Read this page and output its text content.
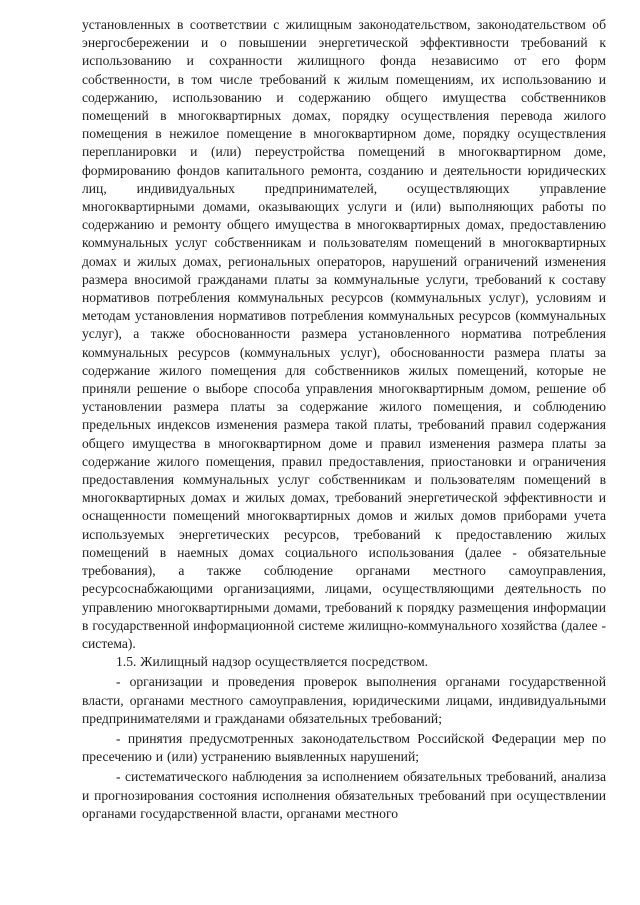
установленных в соответствии с жилищным законодательством, законодательством об энергосбережении и о повышении энергетической эффективности требований к использованию и сохранности жилищного фонда независимо от его форм собственности, в том числе требований к жилым помещениям, их использованию и содержанию, использованию и содержанию общего имущества собственников помещений в многоквартирных домах, порядку осуществления перевода жилого помещения в нежилое помещение в многоквартирном доме, порядку осуществления перепланировки и (или) переустройства помещений в многоквартирном доме, формированию фондов капитального ремонта, созданию и деятельности юридических лиц, индивидуальных предпринимателей, осуществляющих управление многоквартирными домами, оказывающих услуги и (или) выполняющих работы по содержанию и ремонту общего имущества в многоквартирных домах, предоставлению коммунальных услуг собственникам и пользователям помещений в многоквартирных домах и жилых домах, региональных операторов, нарушений ограничений изменения размера вносимой гражданами платы за коммунальные услуги, требований к составу нормативов потребления коммунальных ресурсов (коммунальных услуг), условиям и методам установления нормативов потребления коммунальных ресурсов (коммунальных услуг), а также обоснованности размера установленного норматива потребления коммунальных ресурсов (коммунальных услуг), обоснованности размера платы за содержание жилого помещения для собственников жилых помещений, которые не приняли решение о выборе способа управления многоквартирным домом, решение об установлении размера платы за содержание жилого помещения, и соблюдению предельных индексов изменения размера такой платы, требований правил содержания общего имущества в многоквартирном доме и правил изменения размера платы за содержание жилого помещения, правил предоставления, приостановки и ограничения предоставления коммунальных услуг собственникам и пользователям помещений в многоквартирных домах и жилых домах, требований энергетической эффективности и оснащенности помещений многоквартирных домов и жилых домов приборами учета используемых энергетических ресурсов, требований к предоставлению жилых помещений в наемных домах социального использования (далее - обязательные требования), а также соблюдение органами местного самоуправления, ресурсоснабжающими организациями, лицами, осуществляющими деятельность по управлению многоквартирными домами, требований к порядку размещения информации в государственной информационной системе жилищно-коммунального хозяйства (далее - система).

1.5. Жилищный надзор осуществляется посредством.

- организации и проведения проверок выполнения органами государственной власти, органами местного самоуправления, юридическими лицами, индивидуальными предпринимателями и гражданами обязательных требований;

- принятия предусмотренных законодательством Российской Федерации мер по пресечению и (или) устранению выявленных нарушений;

- систематического наблюдения за исполнением обязательных требований, анализа и прогнозирования состояния исполнения обязательных требований при осуществлении органами государственной власти, органами местного
